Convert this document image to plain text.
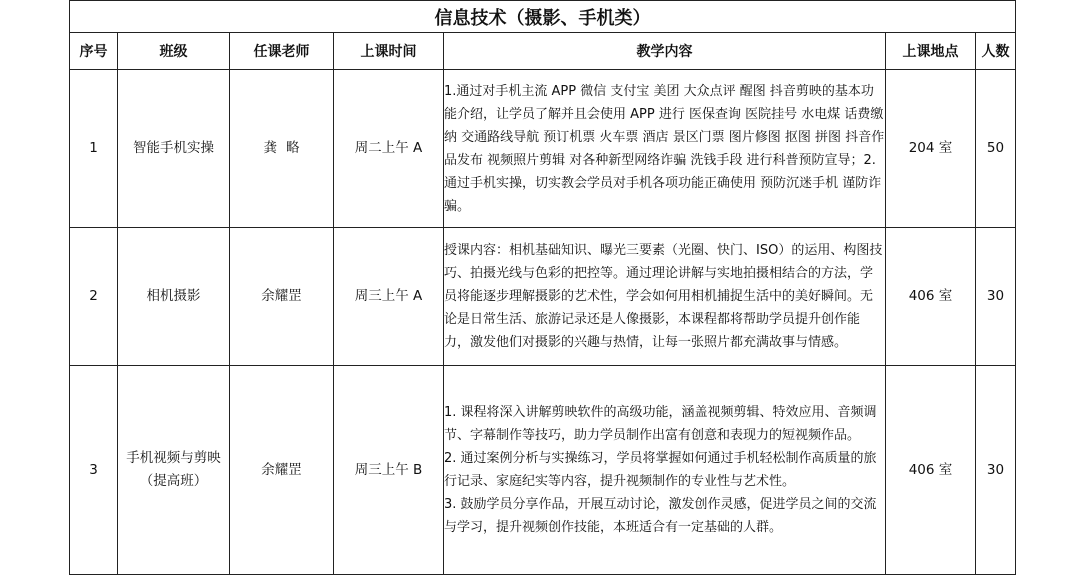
信息技术（摄影、手机类）						
序号	班级	任课老师	上课时间	教学内容	上课地点	人数
1	智能手机实操	龚略	周二上午 A	1.通过对手机主流 APP 微信 支付宝 美团 大众点评 醒图 抖音剪映的基本功能介绍，让学员了解并且会使用 APP 进行 医保查询 医院挂号 水电煤 话费缴纳 交通路线导航 预订机票 火车票 酒店 景区门票 图片修图 抠图 拼图 抖音作品发布 视频照片剪辑 对各种新型网络诈骗 洗钱手段 进行科普预防宣导；2.通过手机实操，切实教会学员对手机各项功能正确使用 预防沉迷手机 谨防诈骗。	204 室	50
2	相机摄影	余耀罡	周三上午 A	授课内容：相机基础知识、曝光三要素（光圈、快门、ISO）的运用、构图技巧、拍摄光线与色彩的把控等。通过理论讲解与实地拍摄相结合的方法，学员将能逐步理解摄影的艺术性，学会如何用相机捕捉生活中的美好瞬间。无论是日常生活、旅游记录还是人像摄影，本课程都将帮助学员提升创作能力，激发他们对摄影的兴趣与热情，让每一张照片都充满故事与情感。	406 室	30
3	手机视频与剪映（提高班）	余耀罡	周三上午 B	1. 课程将深入讲解剪映软件的高级功能，涵盖视频剪辑、特效应用、音频调节、字幕制作等技巧，助力学员制作出富有创意和表现力的短视频作品。

2. 通过案例分析与实操练习，学员将掌握如何通过手机轻松制作高质量的旅行记录、家庭纪实等内容，提升视频制作的专业性与艺术性。

3. 鼓励学员分享作品，开展互动讨论，激发创作灵感，促进学员之间的交流与学习，提升视频创作技能，本班适合有一定基础的人群。	406 室	30
